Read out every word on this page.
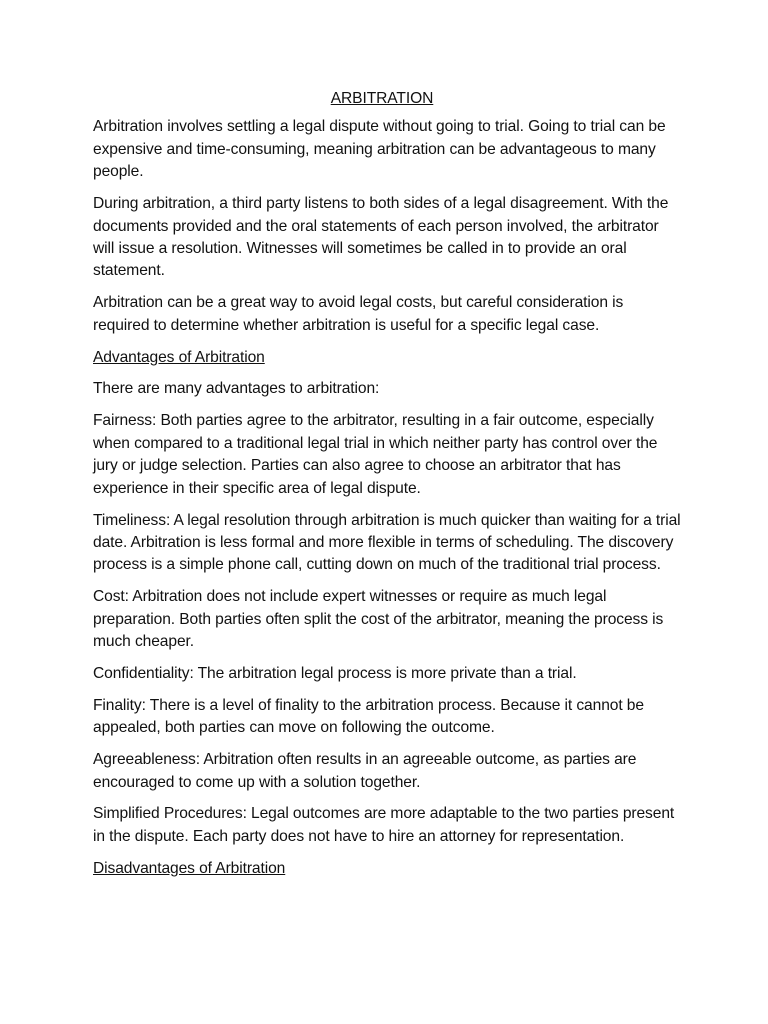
ARBITRATION

Arbitration involves settling a legal dispute without going to trial. Going to trial can be expensive and time-consuming, meaning arbitration can be advantageous to many people.

During arbitration, a third party listens to both sides of a legal disagreement. With the documents provided and the oral statements of each person involved, the arbitrator will issue a resolution. Witnesses will sometimes be called in to provide an oral statement.

Arbitration can be a great way to avoid legal costs, but careful consideration is required to determine whether arbitration is useful for a specific legal case.

Advantages of Arbitration

There are many advantages to arbitration:

Fairness: Both parties agree to the arbitrator, resulting in a fair outcome, especially when compared to a traditional legal trial in which neither party has control over the jury or judge selection. Parties can also agree to choose an arbitrator that has experience in their specific area of legal dispute.

Timeliness: A legal resolution through arbitration is much quicker than waiting for a trial date. Arbitration is less formal and more flexible in terms of scheduling. The discovery process is a simple phone call, cutting down on much of the traditional trial process.

Cost: Arbitration does not include expert witnesses or require as much legal preparation. Both parties often split the cost of the arbitrator, meaning the process is much cheaper.

Confidentiality: The arbitration legal process is more private than a trial.

Finality: There is a level of finality to the arbitration process. Because it cannot be appealed, both parties can move on following the outcome.

Agreeableness: Arbitration often results in an agreeable outcome, as parties are encouraged to come up with a solution together.

Simplified Procedures: Legal outcomes are more adaptable to the two parties present in the dispute. Each party does not have to hire an attorney for representation.

Disadvantages of Arbitration
